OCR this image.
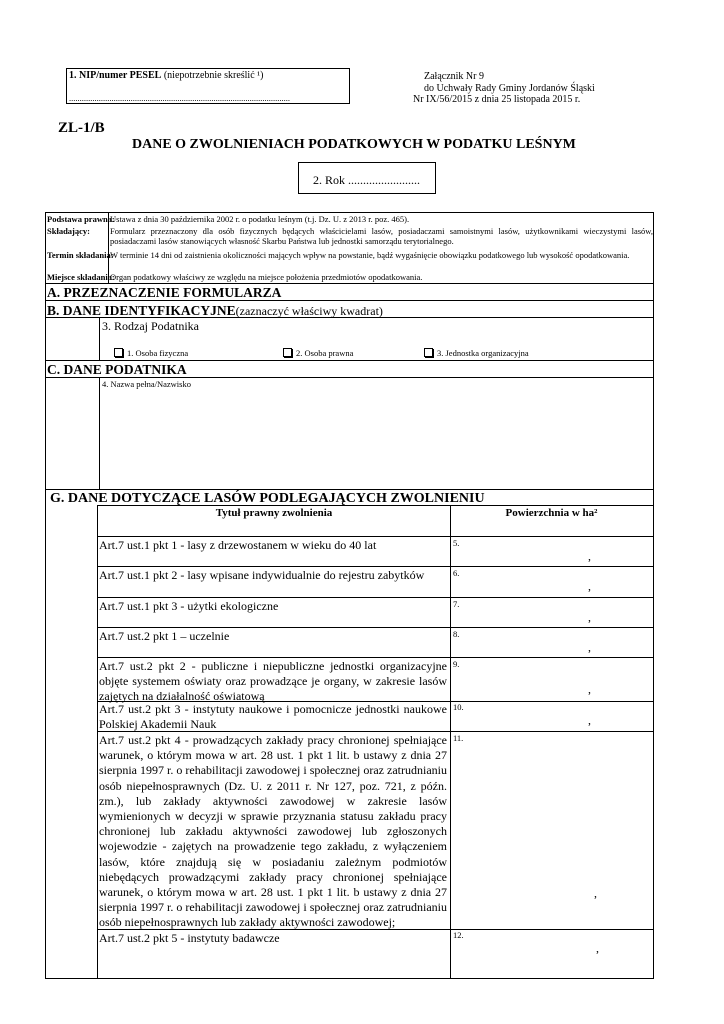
1. NIP/numer PESEL (niepotrzebnie skreślić ¹)
........................................................................................................
Załącznik Nr 9
do Uchwały Rady Gminy Jordanów Śląski
Nr IX/56/2015 z dnia 25 listopada 2015 r.
ZL-1/B
DANE O ZWOLNIENIACH PODATKOWYCH W PODATKU LEŚNYM
2. Rok ........................
Podstawa prawna:
Ustawa z dnia 30 października 2002 r. o podatku leśnym (t.j. Dz. U. z 2013 r. poz. 465).
Składający: Formularz przeznaczony dla osób fizycznych będących właścicielami lasów, posiadaczami samoistnymi lasów, użytkownikami wieczystymi lasów, posiadaczami lasów stanowiących własność Skarbu Państwa lub jednostki samorządu terytorialnego.
Termin składania:
W terminie 14 dni od zaistnienia okoliczności mających wpływ na powstanie, bądź wygaśnięcie obowiązku podatkowego lub wysokość opodatkowania.
Miejsce składania:
Organ podatkowy właściwy ze względu na miejsce położenia przedmiotów opodatkowania.
A. PRZEZNACZENIE FORMULARZA
B. DANE IDENTYFIKACYJNE(zaznaczyć właściwy kwadrat)
3. Rodzaj Podatnika
1. Osoba fizyczna	2. Osoba prawna	3. Jednostka organizacyjna
C. DANE PODATNIKA
4. Nazwa pełna/Nazwisko
G. DANE DOTYCZĄCE LASÓW PODLEGAJĄCYCH ZWOLNIENIU
Tytuł prawny zwolnienia	Powierzchnia w ha²
Art.7 ust.1 pkt 1 - lasy z drzewostanem w wieku do 40 lat	5.
,
Art.7 ust.1 pkt 2 - lasy wpisane indywidualnie do rejestru zabytków	6.
,
Art.7 ust.1 pkt 3 - użytki ekologiczne	7.
,
Art.7 ust.2 pkt 1 – uczelnie	8.
,
Art.7 ust.2 pkt 2 - publiczne i niepubliczne jednostki organizacyjne objęte systemem oświaty oraz prowadzące je organy, w zakresie lasów zajętych na działalność oświatową
9.
,
Art.7 ust.2 pkt 3 - instytuty naukowe i pomocnicze jednostki naukowe Polskiej Akademii Nauk
10.
,
Art.7 ust.2 pkt 4 - prowadzących zakłady pracy chronionej spełniające warunek, o którym mowa w art. 28 ust. 1 pkt 1 lit. b ustawy z dnia 27 sierpnia 1997 r. o rehabilitacji zawodowej i społecznej oraz zatrudnianiu osób niepełnosprawnych (Dz. U. z 2011 r. Nr 127, poz. 721, z późn. zm.), lub zakłady aktywności zawodowej w zakresie lasów wymienionych w decyzji w sprawie przyznania statusu zakładu pracy chronionej lub zakładu aktywności zawodowej lub zgłoszonych wojewodzie - zajętych na prowadzenie tego zakładu, z wyłączeniem lasów, które znajdują się w posiadaniu zależnym podmiotów niebędących prowadzącymi zakłady pracy chronionej spełniające warunek, o którym mowa w art. 28 ust. 1 pkt 1 lit. b ustawy z dnia 27 sierpnia 1997 r. o rehabilitacji zawodowej i społecznej oraz zatrudnianiu osób niepełnosprawnych lub zakłady aktywności zawodowej;
11.
,
Art.7 ust.2 pkt 5 - instytuty badawcze	12.
,
